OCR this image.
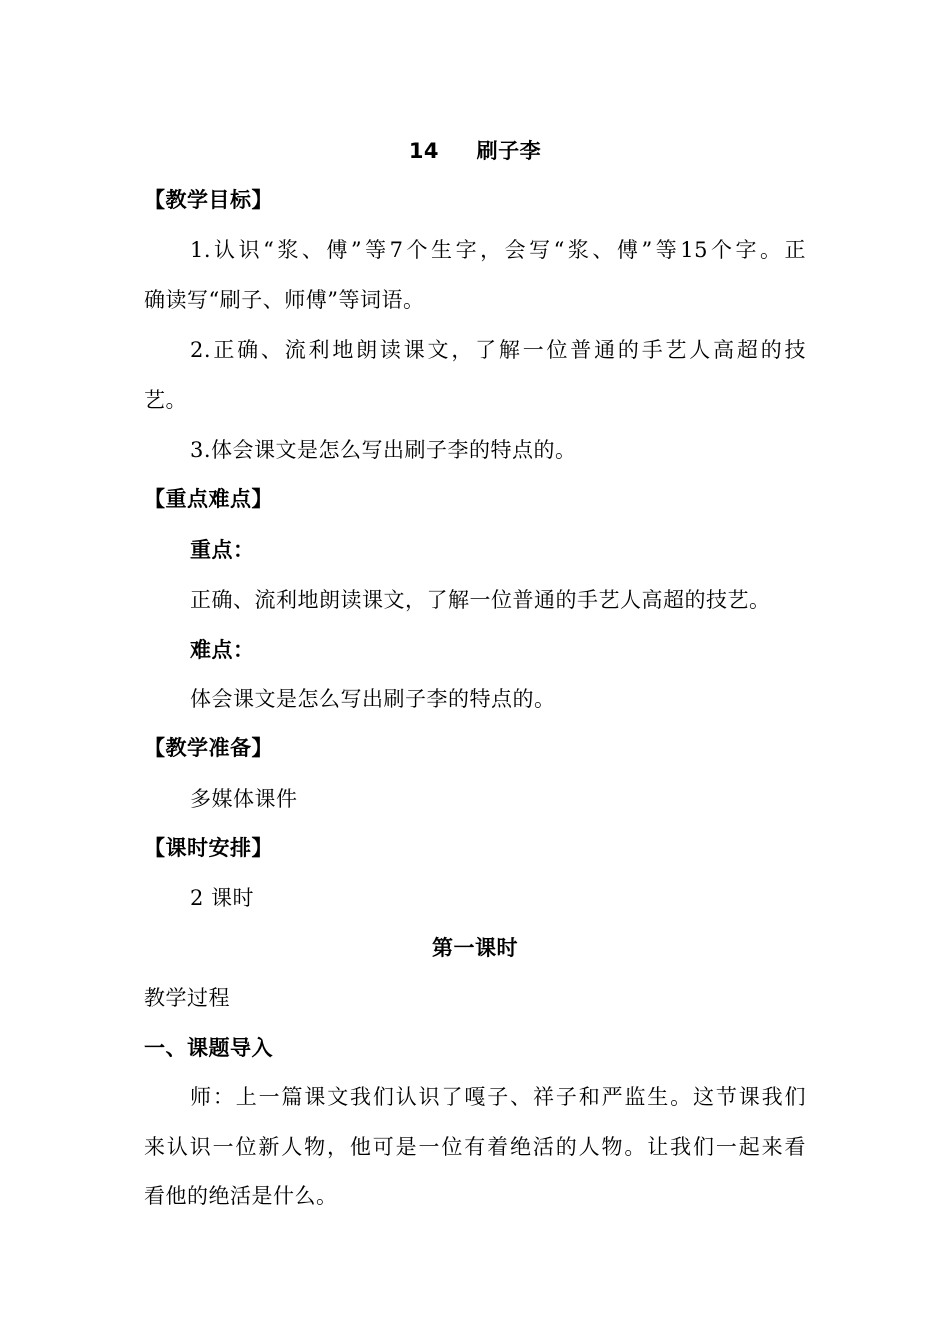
14 刷子李
【教学目标】
1.认识“浆、傅”等7个生字，会写“浆、傅”等15个字。正
确读写“刷子、师傅”等词语。
2.正确、流利地朗读课文，了解一位普通的手艺人高超的技
艺。
3.体会课文是怎么写出刷子李的特点的。
【重点难点】
重点：
正确、流利地朗读课文，了解一位普通的手艺人高超的技艺。
难点：
体会课文是怎么写出刷子李的特点的。
【教学准备】
多媒体课件
【课时安排】
2 课时
第一课时
教学过程
一、课题导入
师：上一篇课文我们认识了嘎子、祥子和严监生。这节课我们
来认识一位新人物，他可是一位有着绝活的人物。让我们一起来看
看他的绝活是什么。
